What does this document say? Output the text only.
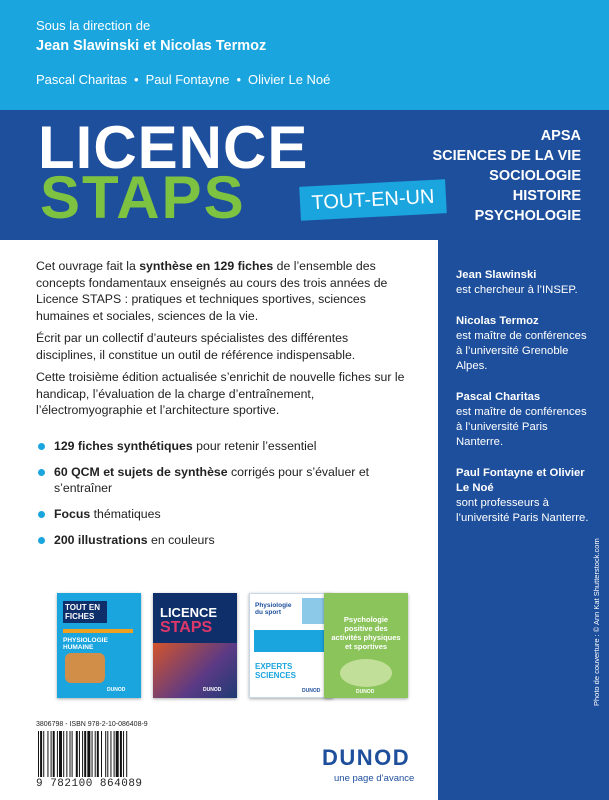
Sous la direction de
Jean Slawinski et Nicolas Termoz
Pascal Charitas • Paul Fontayne • Olivier Le Noé
LICENCE
STAPS	TOUT-EN-UN
APSA
SCIENCES DE LA VIE
SOCIOLOGIE
HISTOIRE
PSYCHOLOGIE

Cet ouvrage fait la synthèse en 129 fiches de l’ensemble des concepts fondamentaux enseignés au cours des trois années de Licence STAPS : pratiques et techniques sportives, sciences humaines et sociales, sciences de la vie.

Écrit par un collectif d’auteurs spécialistes des différentes disciplines, il constitue un outil de référence indispensable.

Cette troisième édition actualisée s’enrichit de nouvelle fiches sur le handicap, l’évaluation de la charge d’entraînement, l’électromyographie et l’architecture sportive.

129 fiches synthétiques pour retenir l’essentiel
60 QCM et sujets de synthèse corrigés pour s’évaluer et s’entraîner
Focus thématiques
200 illustrations en couleurs
TOUT EN FICHES
PHYSIOLOGIE HUMAINE
DUNOD
LICENCE
STAPS
DUNOD
Physiologie du sport
EXPERTS SCIENCES
DUNOD
Psychologie positive des activités physiques et sportives
DUNOD
3806798 - ISBN 978-2-10-086408-9
9 782100 864089
DUNOD
une page d’avance
Jean Slawinski
est chercheur à l’INSEP.
Nicolas Termoz
est maître de conférences à l’université Grenoble Alpes.
Pascal Charitas
est maître de conférences à l’université Paris Nanterre.
Paul Fontayne et Olivier Le Noé
sont professeurs à l’université Paris Nanterre.
Photo de couverture : © Ann Kat Shutterstock.com
